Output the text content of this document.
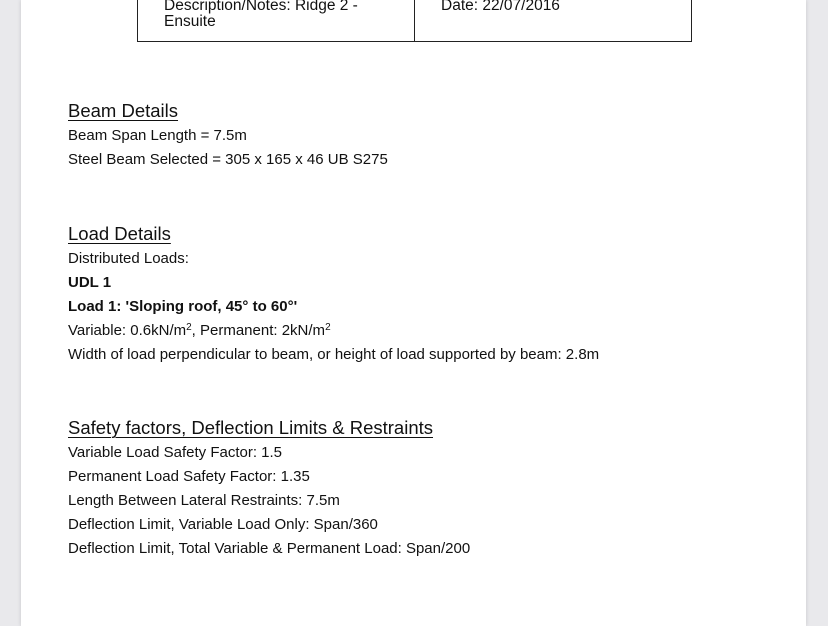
Description/Notes: Ridge 2 -
Ensuite
Date: 22/07/2016
Beam Details
Beam Span Length = 7.5m
Steel Beam Selected = 305 x 165 x 46 UB S275
Load Details
Distributed Loads:
UDL 1
Load 1: 'Sloping roof, 45° to 60°'
Variable: $0.6kN/m^2$, Permanent: $2kN/m^2$
Width of load perpendicular to beam, or height of load supported by beam: 2.8m
Safety factors, Deflection Limits & Restraints
Variable Load Safety Factor: 1.5
Permanent Load Safety Factor: 1.35
Length Between Lateral Restraints: 7.5m
Deflection Limit, Variable Load Only: Span/360
Deflection Limit, Total Variable & Permanent Load: Span/200
